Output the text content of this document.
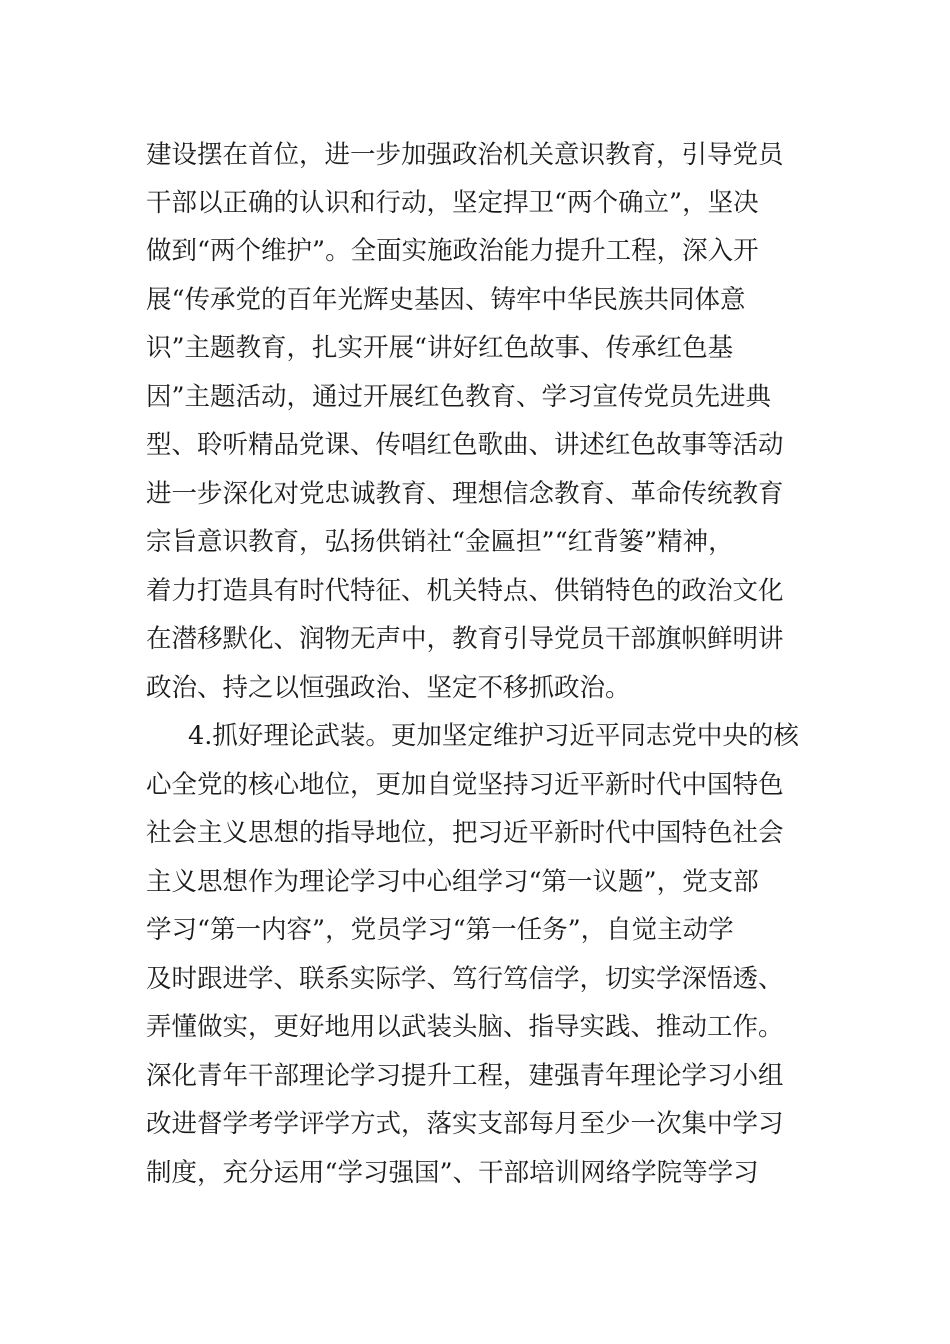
建设摆在首位，进一步加强政治机关意识教育，引导党员
干部以正确的认识和行动，坚定捍卫“两个确立”，坚决
做到“两个维护”。全面实施政治能力提升工程，深入开
展“传承党的百年光辉史基因、铸牢中华民族共同体意
识”主题教育，扎实开展“讲好红色故事、传承红色基
因”主题活动，通过开展红色教育、学习宣传党员先进典
型、聆听精品党课、传唱红色歌曲、讲述红色故事等活动
进一步深化对党忠诚教育、理想信念教育、革命传统教育
宗旨意识教育，弘扬供销社“金匾担”“红背篓”精神，
着力打造具有时代特征、机关特点、供销特色的政治文化
在潜移默化、润物无声中，教育引导党员干部旗帜鲜明讲
政治、持之以恒强政治、坚定不移抓政治。
4.抓好理论武装。更加坚定维护习近平同志党中央的核
心全党的核心地位，更加自觉坚持习近平新时代中国特色
社会主义思想的指导地位，把习近平新时代中国特色社会
主义思想作为理论学习中心组学习“第一议题”，党支部
学习“第一内容”，党员学习“第一任务”，自觉主动学
及时跟进学、联系实际学、笃行笃信学，切实学深悟透、
弄懂做实，更好地用以武装头脑、指导实践、推动工作。
深化青年干部理论学习提升工程，建强青年理论学习小组
改进督学考学评学方式，落实支部每月至少一次集中学习
制度，充分运用“学习强国”、干部培训网络学院等学习
